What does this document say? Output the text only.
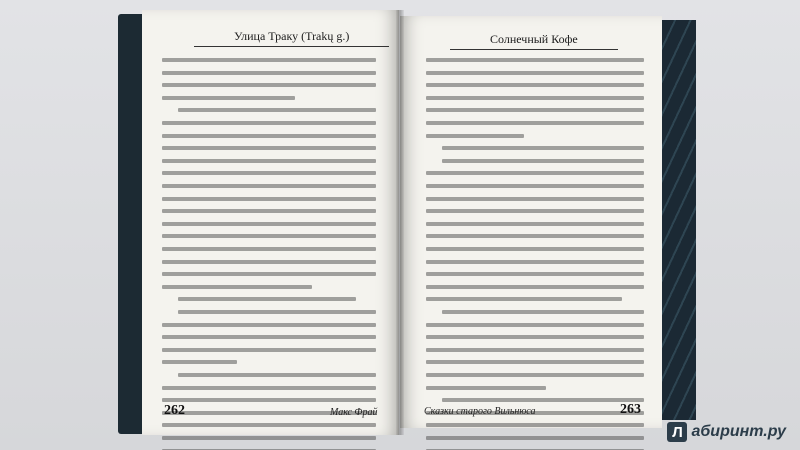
Улица Траку (Trakų g.)
262	Макс Фрай
Солнечный Кофе
Сказки старого Вильнюса	263
Л абиринт.ру
